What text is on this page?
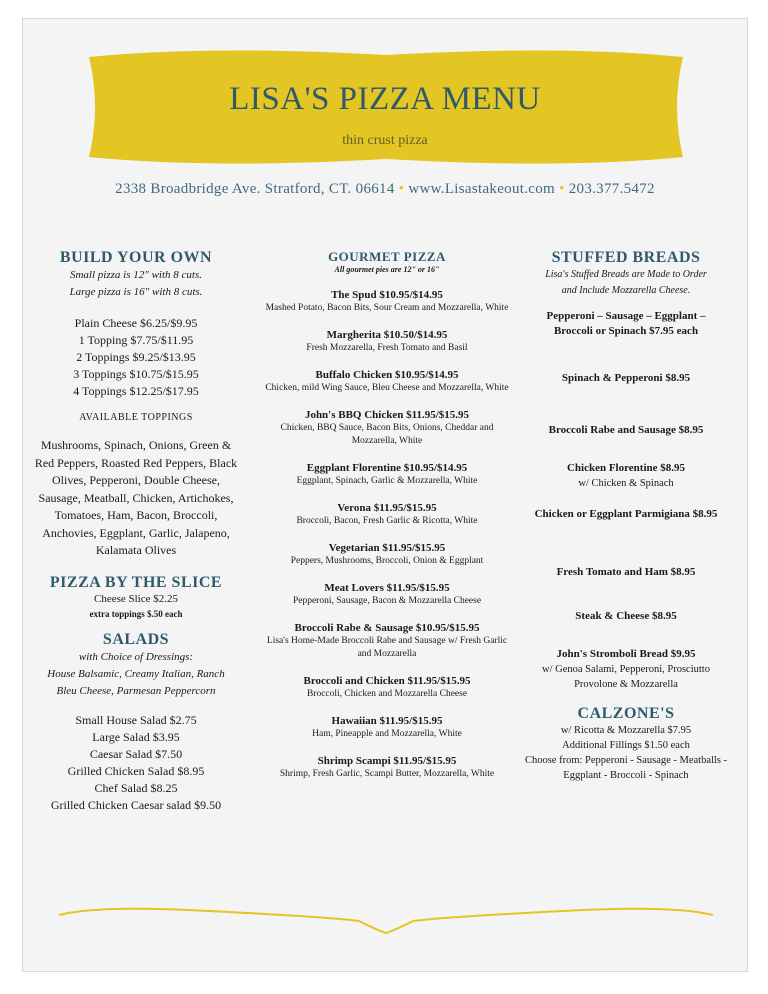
LISA'S PIZZA MENU
thin crust pizza
2338 Broadbridge Ave. Stratford, CT. 06614 • www.Lisastakeout.com • 203.377.5472
BUILD YOUR OWN
Small pizza is 12" with 8 cuts.
Large pizza is 16" with 8 cuts.
Plain Cheese $6.25/$9.95
1 Topping $7.75/$11.95
2 Toppings $9.25/$13.95
3 Toppings $10.75/$15.95
4 Toppings $12.25/$17.95
AVAILABLE TOPPINGS
Mushrooms, Spinach, Onions, Green & Red Peppers, Roasted Red Peppers, Black Olives, Pepperoni, Double Cheese, Sausage, Meatball, Chicken, Artichokes, Tomatoes, Ham, Bacon, Broccoli, Anchovies, Eggplant, Garlic, Jalapeno, Kalamata Olives
PIZZA BY THE SLICE
Cheese Slice $2.25
extra toppings $.50 each
SALADS
with Choice of Dressings:
House Balsamic, Creamy Italian, Ranch
Bleu Cheese, Parmesan Peppercorn
Small House Salad $2.75
Large Salad $3.95
Caesar Salad $7.50
Grilled Chicken Salad $8.95
Chef Salad $8.25
Grilled Chicken Caesar salad $9.50
GOURMET PIZZA
All gourmet pies are 12" or 16"
The Spud $10.95/$14.95
Mashed Potato, Bacon Bits, Sour Cream and Mozzarella, White
Margherita $10.50/$14.95
Fresh Mozzarella, Fresh Tomato and Basil
Buffalo Chicken $10.95/$14.95
Chicken, mild Wing Sauce, Bleu Cheese and Mozzarella, White
John's BBQ Chicken $11.95/$15.95
Chicken, BBQ Sauce, Bacon Bits, Onions, Cheddar and Mozzarella, White
Eggplant Florentine $10.95/$14.95
Eggplant, Spinach, Garlic & Mozzarella, White
Verona $11.95/$15.95
Broccoli, Bacon, Fresh Garlic & Ricotta, White
Vegetarian $11.95/$15.95
Peppers, Mushrooms, Broccoli, Onion & Eggplant
Meat Lovers $11.95/$15.95
Pepperoni, Sausage, Bacon & Mozzarella Cheese
Broccoli Rabe & Sausage $10.95/$15.95
Lisa's Home-Made Broccoli Rabe and Sausage w/ Fresh Garlic and Mozzarella
Broccoli and Chicken $11.95/$15.95
Broccoli, Chicken and Mozzarella Cheese
Hawaiian $11.95/$15.95
Ham, Pineapple and Mozzarella, White
Shrimp Scampi $11.95/$15.95
Shrimp, Fresh Garlic, Scampi Butter, Mozzarella, White
STUFFED BREADS
Lisa's Stuffed Breads are Made to Order and Include Mozzarella Cheese.
Pepperoni – Sausage – Eggplant – Broccoli or Spinach $7.95 each
Spinach & Pepperoni $8.95
Broccoli Rabe and Sausage $8.95
Chicken Florentine $8.95
w/ Chicken & Spinach
Chicken or Eggplant Parmigiana $8.95
Fresh Tomato and Ham $8.95
Steak & Cheese $8.95
John's Stromboli Bread $9.95
w/ Genoa Salami, Pepperoni, Prosciutto Provolone & Mozzarella
CALZONE'S
w/ Ricotta & Mozzarella $7.95
Additional Fillings $1.50 each
Choose from: Pepperoni - Sausage - Meatballs - Eggplant - Broccoli - Spinach
